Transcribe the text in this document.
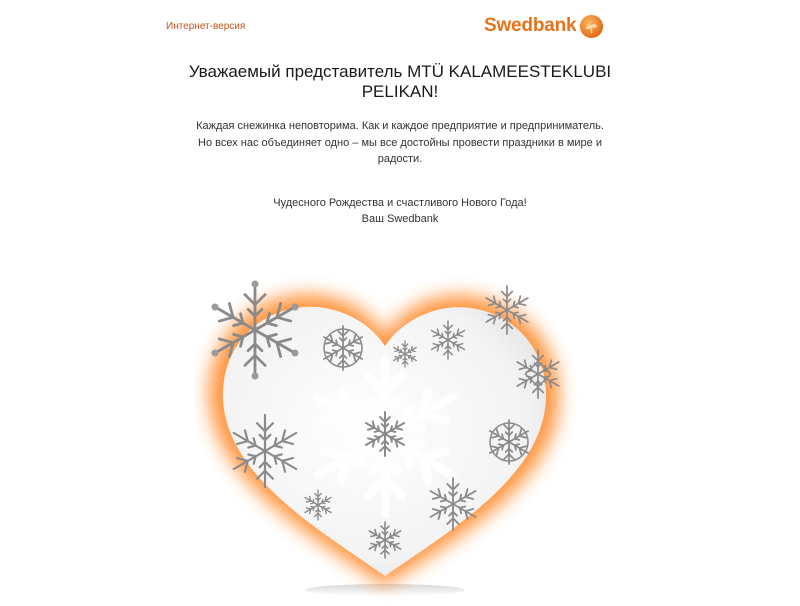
Интернет-версия	Swedbank
Уважаемый представитель MTÜ KALAMEESTEKLUBI
PELIKAN!
Каждая снежинка неповторима. Как и каждое предприятие и предприниматель.
Но всех нас объединяет одно – мы все достойны провести праздники в мире и
радости.
Чудесного Рождества и счастливого Нового Года!
Ваш Swedbank
